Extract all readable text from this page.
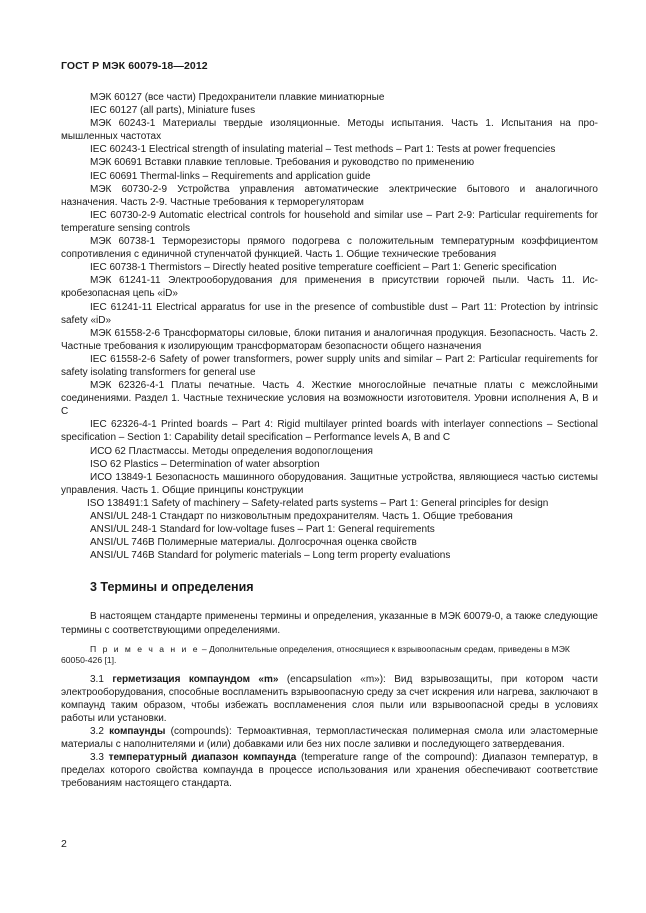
ГОСТ Р МЭК 60079-18—2012

МЭК 60127 (все части) Предохранители плавкие миниатюрные

IEC 60127 (all parts), Miniature fuses

МЭК 60243-1 Материалы твердые изоляционные. Методы испытания. Часть 1. Испытания на промышленных частотах

IEC 60243-1 Electrical strength of insulating material – Test methods – Part 1: Tests at power frequencies

МЭК 60691 Вставки плавкие тепловые. Требования и руководство по применению

IEC 60691 Thermal-links – Requirements and application guide

МЭК 60730-2-9 Устройства управления автоматические электрические бытового и аналогичного назначения. Часть 2-9. Частные требования к терморегуляторам

IEC 60730-2-9 Automatic electrical controls for household and similar use – Part 2-9: Particular requirements for temperature sensing controls

МЭК 60738-1 Терморезисторы прямого подогрева с положительным температурным коэффициентом сопротивления с единичной ступенчатой функцией. Часть 1. Общие технические требования

IEC 60738-1 Thermistors – Directly heated positive temperature coefficient – Part 1: Generic specification

МЭК 61241-11 Электрооборудования для применения в присутствии горючей пыли. Часть 11. Искробезопасная цепь «iD»

IEC 61241-11 Electrical apparatus for use in the presence of combustible dust – Part 11: Protection by intrinsic safety «iD»

МЭК 61558-2-6 Трансформаторы силовые, блоки питания и аналогичная продукция. Безопасность. Часть 2. Частные требования к изолирующим трансформаторам безопасности общего назначения

IEC 61558-2-6 Safety of power transformers, power supply units and similar – Part 2: Particular requirements for safety isolating transformers for general use

МЭК 62326-4-1 Платы печатные. Часть 4. Жесткие многослойные печатные платы с межслойными соединениями. Раздел 1. Частные технические условия на возможности изготовителя. Уровни исполнения А, В и С

IEC 62326-4-1 Printed boards – Part 4: Rigid multilayer printed boards with interlayer connections – Sectional specification – Section 1: Capability detail specification – Performance levels A, B and C

ИСО 62 Пластмассы. Методы определения водопоглощения

ISO 62 Plastics – Determination of water absorption

ИСО 13849-1 Безопасность машинного оборудования. Защитные устройства, являющиеся частью системы управления. Часть 1. Общие принципы конструкции

ISO 138491:1 Safety of machinery – Safety-related parts systems – Part 1: General principles for design

ANSI/UL 248-1 Стандарт по низковольтным предохранителям. Часть 1. Общие требования

ANSI/UL 248-1 Standard for low-voltage fuses – Part 1: General requirements

ANSI/UL 746B Полимерные материалы. Долгосрочная оценка свойств

ANSI/UL 746B Standard for polymeric materials – Long term property evaluations

3 Термины и определения

В настоящем стандарте применены термины и определения, указанные в МЭК 60079-0, а также следующие термины с соответствующими определениями.

П р и м е ч а н и е – Дополнительные определения, относящиеся к взрывоопасным средам, приведены в МЭК 60050-426 [1].

3.1 герметизация компаундом «m» (encapsulation «m»): Вид взрывозащиты, при котором части электрооборудования, способные воспламенить взрывоопасную среду за счет искрения или нагрева, заключают в компаунд таким образом, чтобы избежать воспламенения слоя пыли или взрывоопасной среды в условиях работы или установки.

3.2 компаунды (compounds): Термоактивная, термопластическая полимерная смола или эластомерные материалы с наполнителями и (или) добавками или без них после заливки и последующего затвердевания.

3.3 температурный диапазон компаунда (temperature range of the compound): Диапазон температур, в пределах которого свойства компаунда в процессе использования или хранения обеспечивают соответствие требованиям настоящего стандарта.

2
